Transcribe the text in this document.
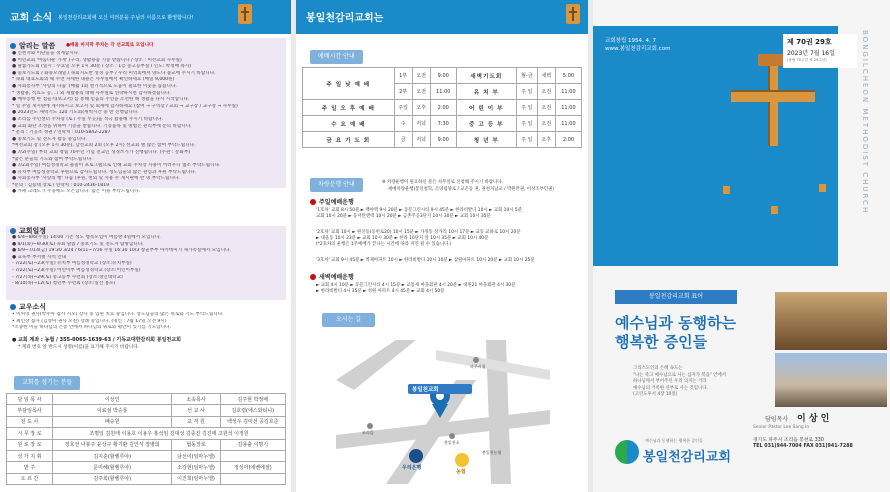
교회 소식 봉일천감리교회에 오신 여러분을 주님의 이름으로 환영합니다!
알리는 말씀 ●배울 마지막 주차는 각 선교회로 모입니다
● 신천지와 이단들을 경계합시다.
● 어린교회 '마음다운 가게' (구리, 생활용품 기증 받습니다 / 장소 : 미선교회 사무실)
● 말씀가도회 (일시 : 수요일 오후 1시 30분 / 장소 : 1층 중고등부실 / 인도: 박정배 목사)
● 중보기도회 / 화중모래일 / 속회지도반 성경 공부 / 우리 미역회에서 양도나 불교에 주시기 바랍니다.
* 속회 대표도회의 때 주면 자세한 내용은 사무실에서 확인하세요 (매일 9,000원)
● 사회봉사부 '사랑의 나눔' (매월 1회 천기적으로 도움이 필요한 이웃을 돕습니다.
* 생활용, 식료도 등, 그 외 재활용의 대해 사무실로 연락하시면 감사하겠습니다.
● 예수동행 한 점들기(보고서) 를 통해 믿음의 주인을 소선한 해 생활을 다시 시작합니다.
* 일 주일 게시판에 게시하시고 보고서 및 회세에 감사하세요 (참여 → 구역장 / 교회 → 교구장 / 교구장 → 사무실)
● 2023년도 새벽기도 120 기도회(새벽시간 중 반 진행합니다.
● 조리를 주민센터 주차장 (토 / 주일 두곳)을 적극 활용해 주시기 바랍니다.
● 교회 화단 조성을 위하여 기증을 받습니다. 기증품목 및 방법은 관리부에 문의 바랍니다.
* 문의 : 기공조 정권 / 연락처 : 010-5842-2287
● 중보기도 및 전도자 활동 중입니다.
*여선교회 장 (오후 1시 30분), 남선교회 2회 (오후 2시) 선교회 별 많은 참여 부탁드립니다.
● 7/2(주일) 부터 교회 창립 70주년 기념 전교인 성경쓰기가 진행됩니다. (주관 : 문화부)
*많은 분들의 기도와 참여 부탁드립니다.
● 7/23(주일) 여름성경학교 물놀이 프로그램으로 인해 교회 주차장 사용이 어려우니 협조 부탁드립니다.
● 유치부 여름성경학교 후원으로 감사드립니다. 성도님들의 많은 관심과 후원 부탁드립니다.
● 사회봉사부 '사랑의 빵' 나눔 (후원, 번외 및 사용 주 게시판에 반 명 부탁드립니다.
*문의 : 김승대 장로 / 연락처 : 010-2436-1819
● 카페 크레도가 주중에도 오픈합니다. 많은 이용 부탁드립니다.
교회일정
● 6/4~8/6(주일) 14:00 기존 성도 행복모임이 여름방 4일에서 모입니다.
● 8/1(화)~9/30(토) 속회 말씀 / 중보기도 및 전도자 탐방합니다.
● 6/9~7/14(금) 19:30 3/24 / 6/11~7/16 주일 16:30 10/3 창골부부 아카데미가 새가족실에서 모입니다.
● 교육부 부서별 사역 안내
- 7/22(토)~23(주일) 유치부 여름성경학교 (장소:유치부실)
- 7/22(토)~23(주일) 어린이부 여름성경학교 (장소:어린이부실)
- 7/27(목)~29(토) 중고등부 수련회 (장소:경인대학교)
- 8/10(목)~12(토) 청년부 수련회 (장소:일산 홍포)
교우소식
• 이씨영 권사(박주아 집사 시모) 장사 중 입원 치료 중입니다. 성도님들의 많은 위로와 기도 부탁드립니다.
• 최인상 집사 (김영아 권사 모친) 장례 중입니다. (명인 : 7월 17일 오전 9시)
*소중한 이들 하나님의 은총 안에서 하나님의 위로와 평안이 있기를 기도합니다.
● 교회 계좌 : 농협 / 355-0065-1639-63 / 기독교대한감리회 봉일천교회
* 계좌 번호 앞 반드시 성명(이름)을 표기해 주시기 바랍니다.
교회를 섬기는 분들
담 임 목 사	이상인	소속목사	김주현 박정배
부담임목사	이료섬 박승룡	선 교 사	김호령(에스와티니)
전 도 사	배승원	교 직 원	백성우 김미선 공김호준
시 무 장 로	조명일 김원태 이용호 이용우 홍석임 김대성 김종진 김진태 고원석 이정원		
원 로 장 로	정호선 나봉주 윤상구 황기환 김인식 장병희	협동장로	김용출 이명기
성 가 지 휘	김지훈(할렐루야)	남선이(임마누엘)	
반 주	문미혜(할렐루야)	소강현(임마누엘)	정성아(에벤에셀)
오 르 간	김주희(할렐루야)	이진희(임마누엘)	
봉일천감리교회는
예배시간 안내
주 일 낮 예 배	1부	오전	9:00	새벽기도회	월-금	새벽	5:00
	2부	오전	11:00	유 치 부	주 일	오전	11:00
주 일 오 후 예 배	주일	오후	2:00	어 린 이 부	주 일	오전	11:00
수 요 예 배	수	저녁	7:30	중 고 등 부	주 일	오전	11:00
금 요 기 도 회	금	저녁	9:00	청 년 부	주 일	오후	2:00
차량운행 안내	※ 차량운행이 필요하신 분은 사무실로 신청해 주시기 바랍니다.
세배차량운행(봉일청학, 조양림양로 / 교온동 권, 권천지남교 / 박원만권, 이성조부민권)
주일예배운행
'1호차' 교회 8시 50분 ► 백야맥 9시 20분 ► 동문그린시티 9시 45분 ► 한라비발디 10시 ► 교회 10시 5분
교회 10시 20분 ► 동서탄앤텍 10시 20분 ► 금촌주공3단지 10시 30분 ► 교회 10시 35분
'2호차' 교회 10시 ► 원신동(동헌로20) 10시 15분 ► 가정동 상가리 10시 17분 ► 교동 교하로 10시 20분
► 내울동 10시 23분 ► 교회 10시 30분 ► 한라 10단지 앞 10시 35분 ► 교회 10시 40분
(*2호차의 운행은 1주예배가 끝나는 시간에 따라 지연 될 수 있습니다.)
'3호차' 교회 9시 45분 ► 벽제아파트 10시 ► 한라비발디 10시 10분 ► 삼원아파트 10시 20분 ► 교회 10시 25분
새벽예배운행
► 교회 4시 10분 ► 동문그린시티 4시 15분 ► 교통새 마을회관 4시 20분 ► 대원21 마을회관 4시 30분
► 한라비발디 4시 35분 ► 성원 아파트 4시 45분 ► 교회 4시 50분
오시는 길
봉일천교회
우리은행
농협
파주시청
조리읍
봉일천초
봉일천농협
교회창립 1954. 4. 7
www.봉일천감리교회.com
제 70권 29호
2023년 7월 16일
(창립 70주년 제 29주년)	BONGILCHEON METHODIST CHURCH
봉일천감리교회 표어
예수님과 동행하는
행복한 증인들
그리스도인의 은혜 속도는
"나는 죽고 예수님으로 사는 십자가 복음" 안에서
하나님께서 부어주신 우리 의지는 거라
예수님의 거룩한 신부로 사는 것입니다.
(고린도후서 4장 10절)
담임목사 이 상 인
Senior Pastor Lee Sang In
예수님과 동행하는 행복한 증인들
봉일천감리교회
경기도 파주시 조리읍 봉천로 330
TEL 031)944-7004 FAX 031)941-7288
